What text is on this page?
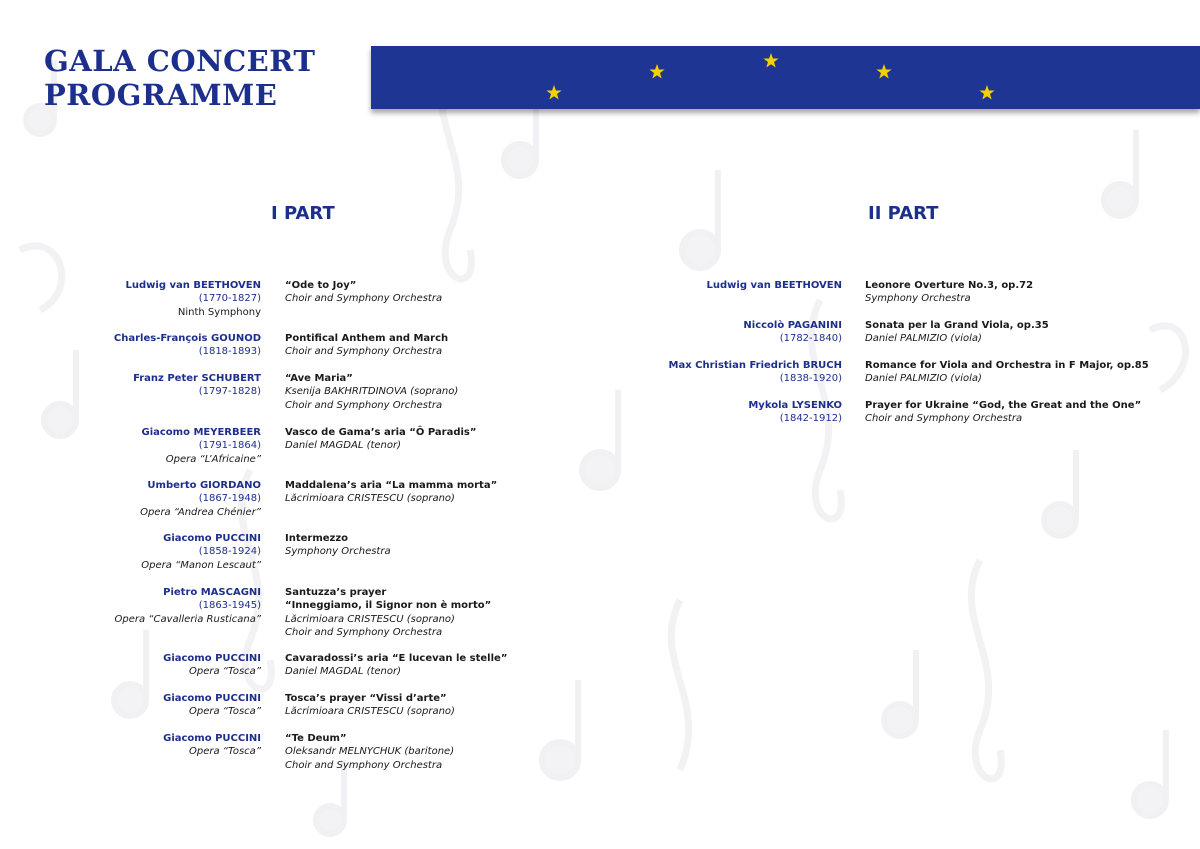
GALA CONCERT
PROGRAMME
I PART	II PART
Ludwig van BEETHOVEN
(1770-1827)
Ninth Symphony
“Ode to Joy”
Choir and Symphony Orchestra
Charles-François GOUNOD
(1818-1893)
Pontifical Anthem and March
Choir and Symphony Orchestra
Franz Peter SCHUBERT
(1797-1828)
“Ave Maria”
Ksenija BAKHRITDINOVA (soprano)
Choir and Symphony Orchestra
Giacomo MEYERBEER
(1791-1864)
Opera “L’Africaine”
Vasco de Gama’s aria “Ô Paradis”
Daniel MAGDAL (tenor)
Umberto GIORDANO
(1867-1948)
Opera “Andrea Chénier”
Maddalena’s aria “La mamma morta”
Lăcrimioara CRISTESCU (soprano)
Giacomo PUCCINI
(1858-1924)
Opera “Manon Lescaut”
Intermezzo
Symphony Orchestra
Pietro MASCAGNI
(1863-1945)
Opera “Cavalleria Rusticana”
Santuzza’s prayer
“Inneggiamo, il Signor non è morto”
Lăcrimioara CRISTESCU (soprano)
Choir and Symphony Orchestra
Giacomo PUCCINI
Opera “Tosca”
Cavaradossi’s aria “E lucevan le stelle”
Daniel MAGDAL (tenor)
Giacomo PUCCINI
Opera “Tosca”
Tosca’s prayer “Vissi d’arte”
Lăcrimioara CRISTESCU (soprano)
Giacomo PUCCINI
Opera “Tosca”
“Te Deum”
Oleksandr MELNYCHUK (baritone)
Choir and Symphony Orchestra
Ludwig van BEETHOVEN Leonore Overture No.3, op.72
Symphony Orchestra
Niccolò PAGANINI
(1782-1840)
Sonata per la Grand Viola, op.35
Daniel PALMIZIO (viola)
Max Christian Friedrich BRUCH
(1838-1920)
Romance for Viola and Orchestra in F Major, op.85
Daniel PALMIZIO (viola)
Mykola LYSENKO
(1842-1912)
Prayer for Ukraine “God, the Great and the One”
Choir and Symphony Orchestra
